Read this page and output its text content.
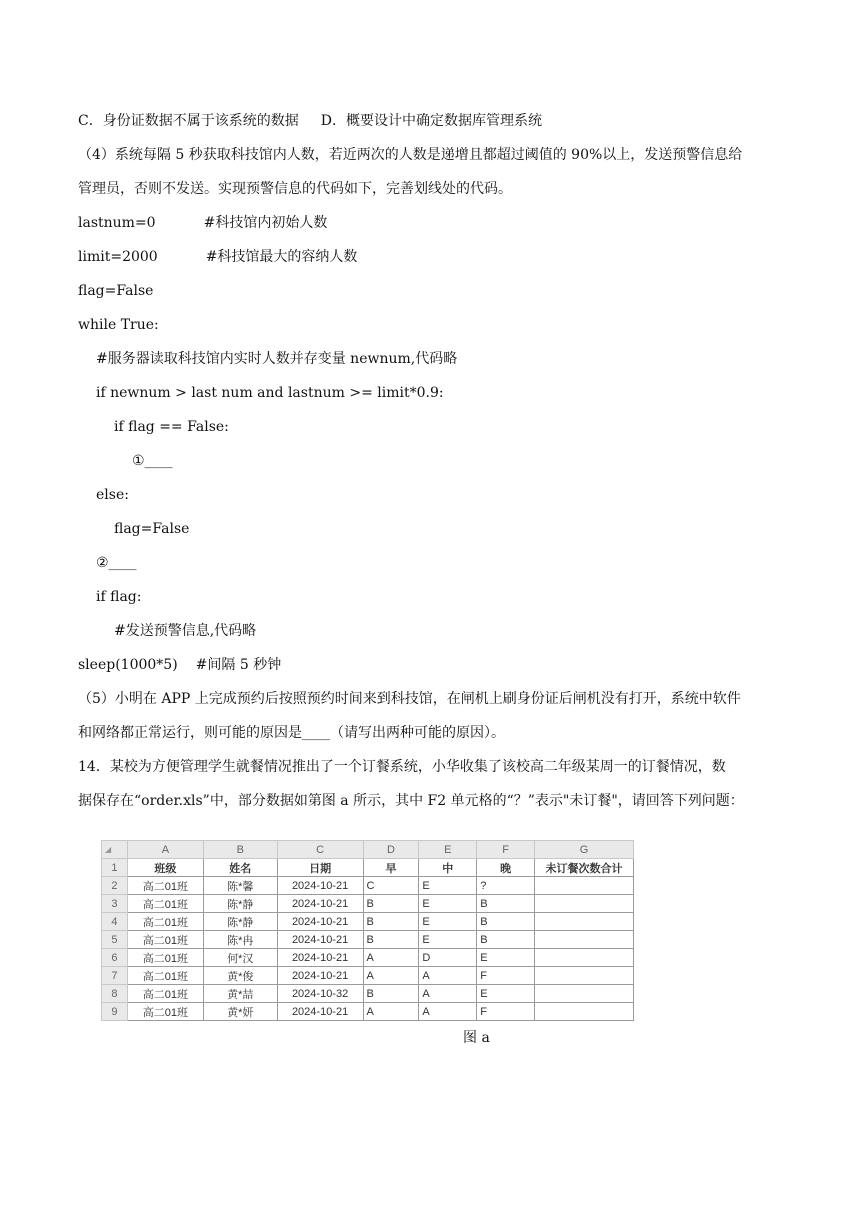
C．身份证数据不属于该系统的数据 D．概要设计中确定数据库管理系统
（4）系统每隔 5 秒获取科技馆内人数，若近两次的人数是递增且都超过阈值的 90%以上，发送预警信息给
管理员，否则不发送。实现预警信息的代码如下，完善划线处的代码。
lastnum=0	#科技馆内初始人数
limit=2000	#科技馆最大的容纳人数
flag=False
while True:
#服务器读取科技馆内实时人数并存变量 newnum,代码略
if newnum > last num and lastnum >= limit*0.9:
if flag == False:
①____
else:
flag=False
②____
if flag:
#发送预警信息,代码略
sleep(1000*5) #间隔 5 秒钟
（5）小明在 APP 上完成预约后按照预约时间来到科技馆，在闸机上刷身份证后闸机没有打开，系统中软件
和网络都正常运行，则可能的原因是____（请写出两种可能的原因）。
14．某校为方便管理学生就餐情况推出了一个订餐系统，小华收集了该校高二年级某周一的订餐情况，数
据保存在“order.xls”中，部分数据如第图 a 所示，其中 F2 单元格的“？”表示"未订餐"，请回答下列问题：
◢	A	B	C	D	E	F	G
1	班级	姓名	日期	早	中	晚	未订餐次数合计
2	高二01班	陈*馨	2024-10-21	C	E	?	
3	高二01班	陈*静	2024-10-21	B	E	B	
4	高二01班	陈*静	2024-10-21	B	E	B	
5	高二01班	陈*冉	2024-10-21	B	E	B	
6	高二01班	何*汉	2024-10-21	A	D	E	
7	高二01班	黄*俊	2024-10-21	A	A	F	
8	高二01班	黄*喆	2024-10-32	B	A	E	
9	高二01班	黄*妍	2024-10-21	A	A	F	
图 a
